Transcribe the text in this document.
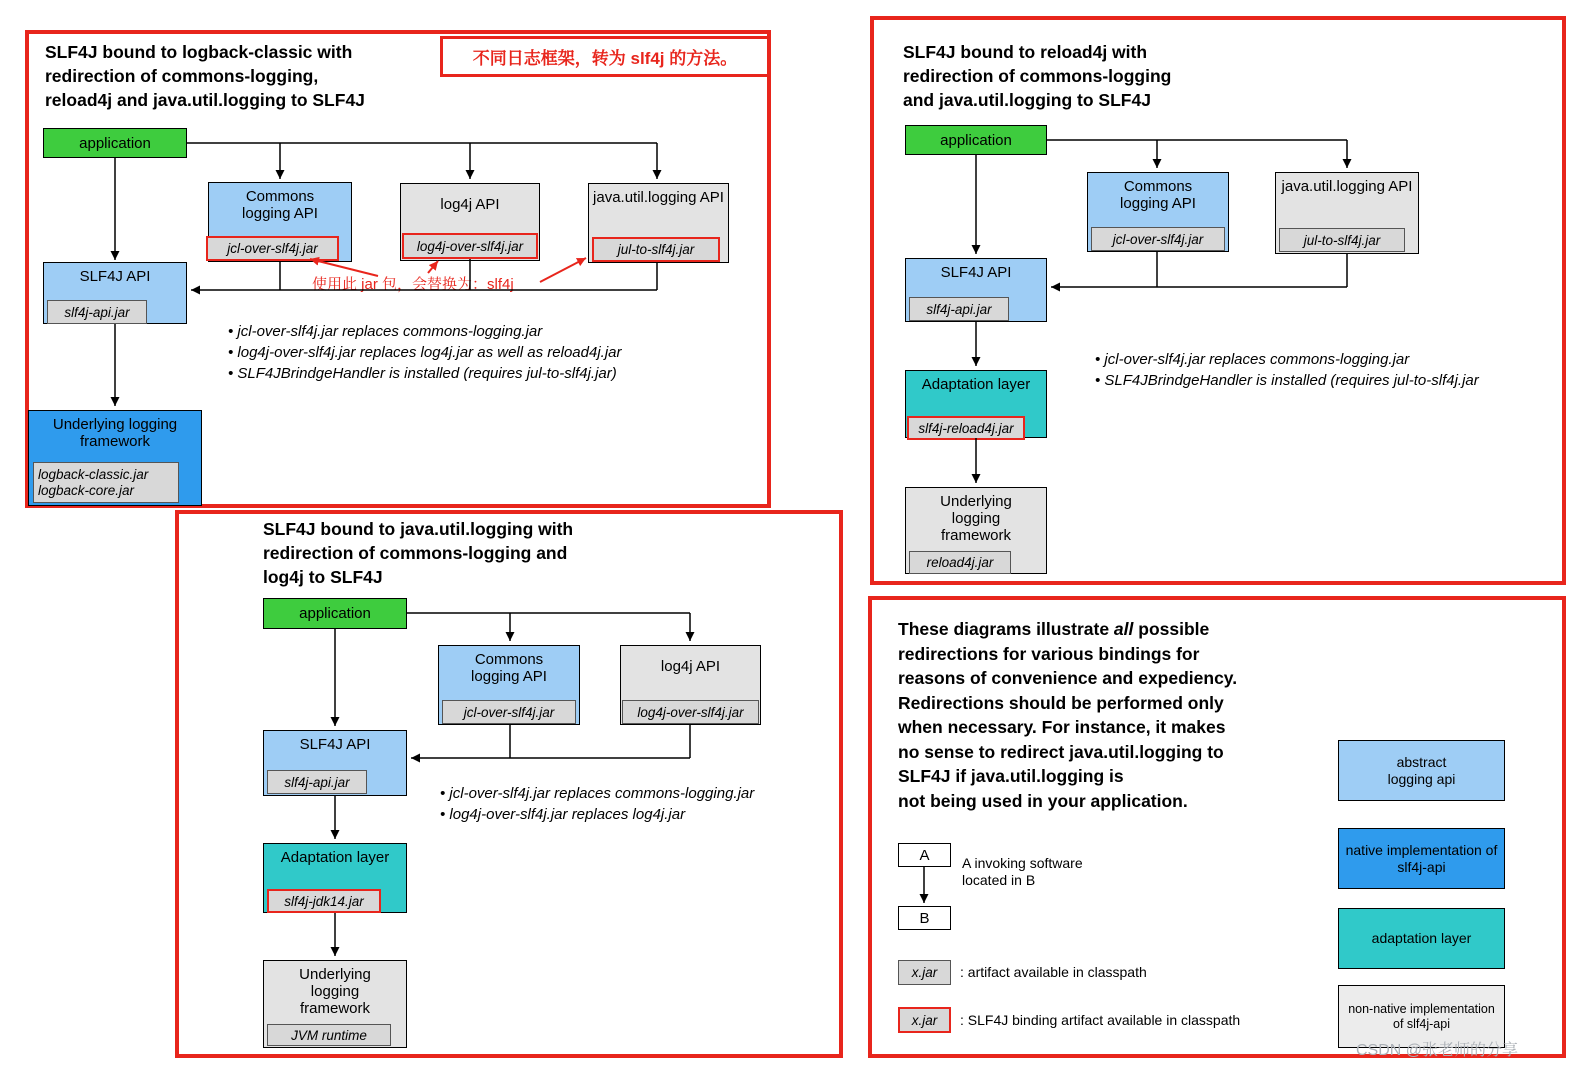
SLF4J bound to logback-classic with
redirection of commons-logging,
reload4j and java.util.logging to SLF4J
不同日志框架，转为 slf4j 的方法。
application
Commons logging API
jcl-over-slf4j.jar
log4j API
log4j-over-slf4j.jar
java.util.logging API
jul-to-slf4j.jar
SLF4J API
slf4j-api.jar
使用此 jar 包，会替换为：slf4j
• jcl-over-slf4j.jar replaces commons-logging.jar
• log4j-over-slf4j.jar replaces log4j.jar as well as reload4j.jar
• SLF4JBrindgeHandler is installed (requires jul-to-slf4j.jar)
Underlying logging framework
logback-classic.jar
logback-core.jar
SLF4J bound to reload4j with
redirection of commons-logging
and java.util.logging to SLF4J
application
Commons logging API
jcl-over-slf4j.jar
java.util.logging API
jul-to-slf4j.jar
SLF4J API
slf4j-api.jar
• jcl-over-slf4j.jar replaces commons-logging.jar
• SLF4JBrindgeHandler is installed (requires jul-to-slf4j.jar
Adaptation layer
slf4j-reload4j.jar
Underlying logging framework
reload4j.jar
SLF4J bound to java.util.logging with
redirection of commons-logging and
log4j to SLF4J
application
Commons logging API
jcl-over-slf4j.jar
log4j API
log4j-over-slf4j.jar
SLF4J API
slf4j-api.jar
• jcl-over-slf4j.jar replaces commons-logging.jar
• log4j-over-slf4j.jar replaces log4j.jar
Adaptation layer
slf4j-jdk14.jar
Underlying logging framework
JVM runtime
These diagrams illustrate all possible
redirections for various bindings for
reasons of convenience and expediency.
Redirections should be performed only
when necessary. For instance, it makes
no sense to redirect java.util.logging to
SLF4J if java.util.logging is
not being used in your application.
A
B
A invoking software located in B
x.jar	: artifact available in classpath
x.jar	: SLF4J binding artifact available in classpath
abstract logging api
native implementation of slf4j-api
adaptation layer
non-native implementation of slf4j-api
CSDN @张老师的分享
